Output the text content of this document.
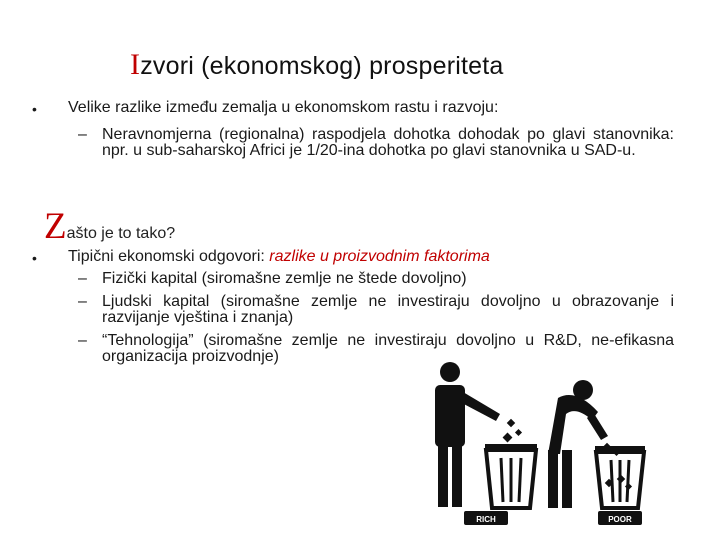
Izvori (ekonomskog) prosperiteta
• Velike razlike između zemalja u ekonomskom rastu i razvoju:
– Neravnomjerna (regionalna) raspodjela dohotka dohodak po glavi stanovnika: npr. u sub-saharskoj Africi je 1/20-ina dohotka po glavi stanovnika u SAD-u.
Zašto je to tako?
• Tipični ekonomski odgovori: razlike u proizvodnim faktorima
– Fizički kapital (siromašne zemlje ne štede dovoljno)
– Ljudski kapital (siromašne zemlje ne investiraju dovoljno u obrazovanje i razvijanje vještina i znanja)
– “Tehnologija” (siromašne zemlje ne investiraju dovoljno u R&D, ne-efikasna organizacija proizvodnje)
RICH	POOR
